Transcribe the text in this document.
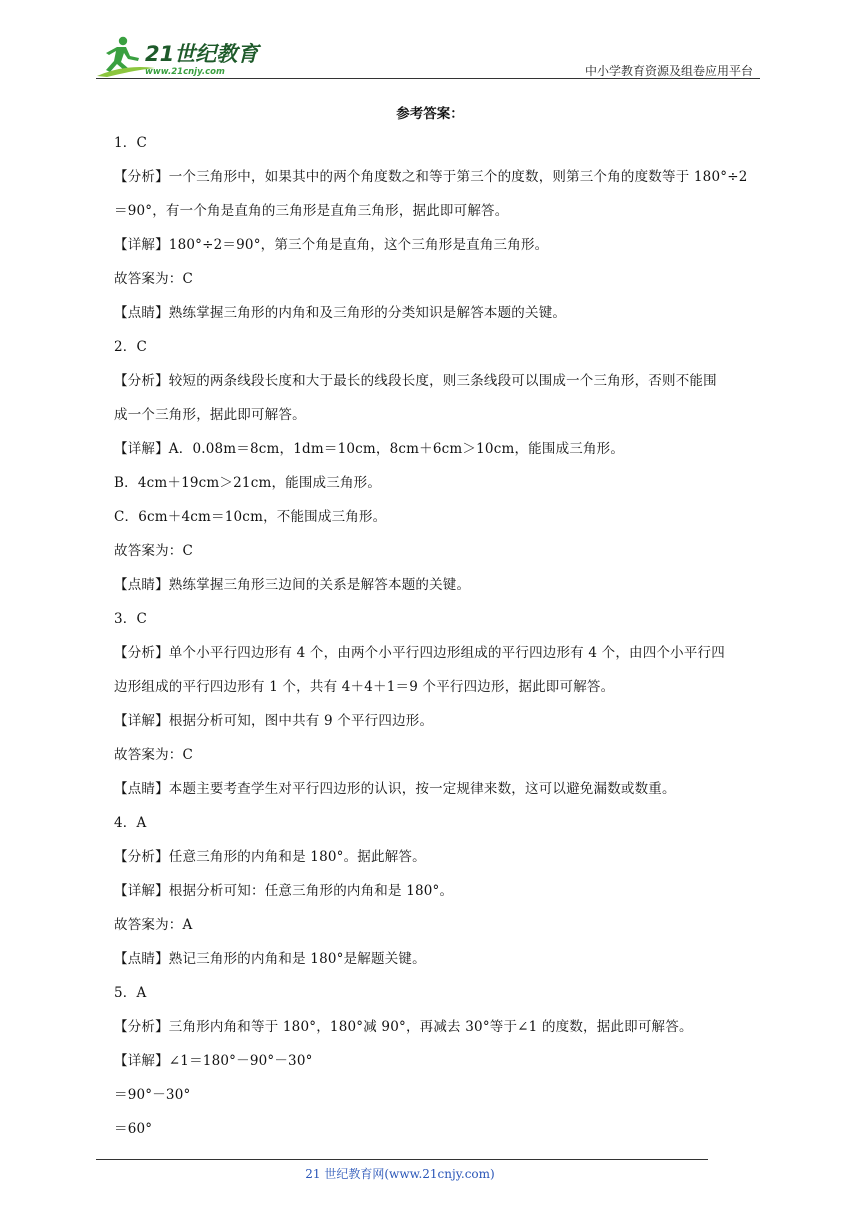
21世纪教育
www.21cnjy.com	中小学教育资源及组卷应用平台
参考答案：
1．C
【分析】一个三角形中，如果其中的两个角度数之和等于第三个的度数，则第三个角的度数等于 180°÷2
＝90°，有一个角是直角的三角形是直角三角形，据此即可解答。
【详解】180°÷2＝90°，第三个角是直角，这个三角形是直角三角形。
故答案为：C
【点睛】熟练掌握三角形的内角和及三角形的分类知识是解答本题的关键。
2．C
【分析】较短的两条线段长度和大于最长的线段长度，则三条线段可以围成一个三角形，否则不能围
成一个三角形，据此即可解答。
【详解】A．0.08m＝8cm，1dm＝10cm，8cm＋6cm＞10cm，能围成三角形。
B．4cm＋19cm＞21cm，能围成三角形。
C．6cm＋4cm＝10cm，不能围成三角形。
故答案为：C
【点睛】熟练掌握三角形三边间的关系是解答本题的关键。
3．C
【分析】单个小平行四边形有 4 个，由两个小平行四边形组成的平行四边形有 4 个，由四个小平行四
边形组成的平行四边形有 1 个，共有 4＋4＋1＝9 个平行四边形，据此即可解答。
【详解】根据分析可知，图中共有 9 个平行四边形。
故答案为：C
【点睛】本题主要考查学生对平行四边形的认识，按一定规律来数，这可以避免漏数或数重。
4．A
【分析】任意三角形的内角和是 180°。据此解答。
【详解】根据分析可知：任意三角形的内角和是 180°。
故答案为：A
【点睛】熟记三角形的内角和是 180°是解题关键。
5．A
【分析】三角形内角和等于 180°，180°减 90°，再减去 30°等于∠1 的度数，据此即可解答。
【详解】∠1＝180°－90°－30°
＝90°－30°
＝60°
21 世纪教育网(www.21cnjy.com)
